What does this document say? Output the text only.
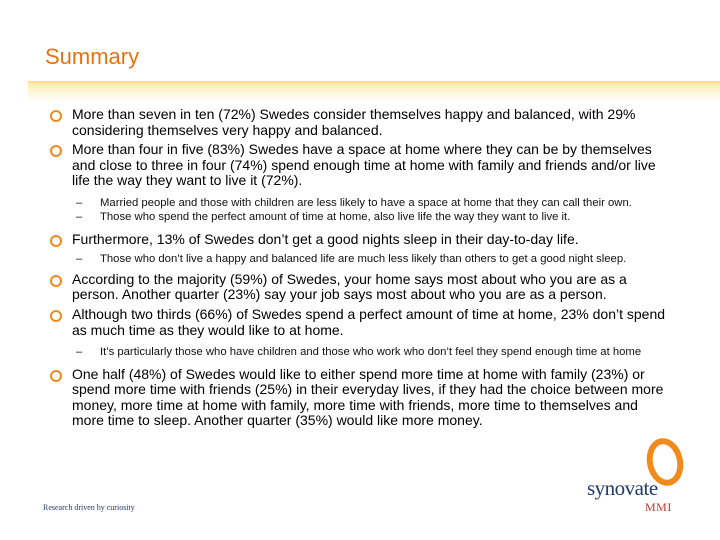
Summary
More than seven in ten (72%) Swedes consider themselves happy and balanced, with 29% considering themselves very happy and balanced.
More than four in five (83%) Swedes have a space at home where they can be by themselves and close to three in four (74%) spend enough time at home with family and friends and/or live life the way they want to live it (72%).
– Married people and those with children are less likely to have a space at home that they can call their own.
– Those who spend the perfect amount of time at home, also live life the way they want to live it.
Furthermore, 13% of Swedes don’t get a good nights sleep in their day-to-day life.
– Those who don’t live a happy and balanced life are much less likely than others to get a good night sleep.
According to the majority (59%) of Swedes, your home says most about who you are as a person. Another quarter (23%) say your job says most about who you are as a person.
Although two thirds (66%) of Swedes spend a perfect amount of time at home, 23% don’t spend as much time as they would like to at home.
– It’s particularly those who have children and those who work who don’t feel they spend enough time at home
One half (48%) of Swedes would like to either spend more time at home with family (23%) or spend more time with friends (25%) in their everyday lives, if they had the choice between more money, more time at home with family, more time with friends, more time to themselves and more time to sleep. Another quarter (35%) would like more money.
synovate
MMI
Research driven by curiosity
